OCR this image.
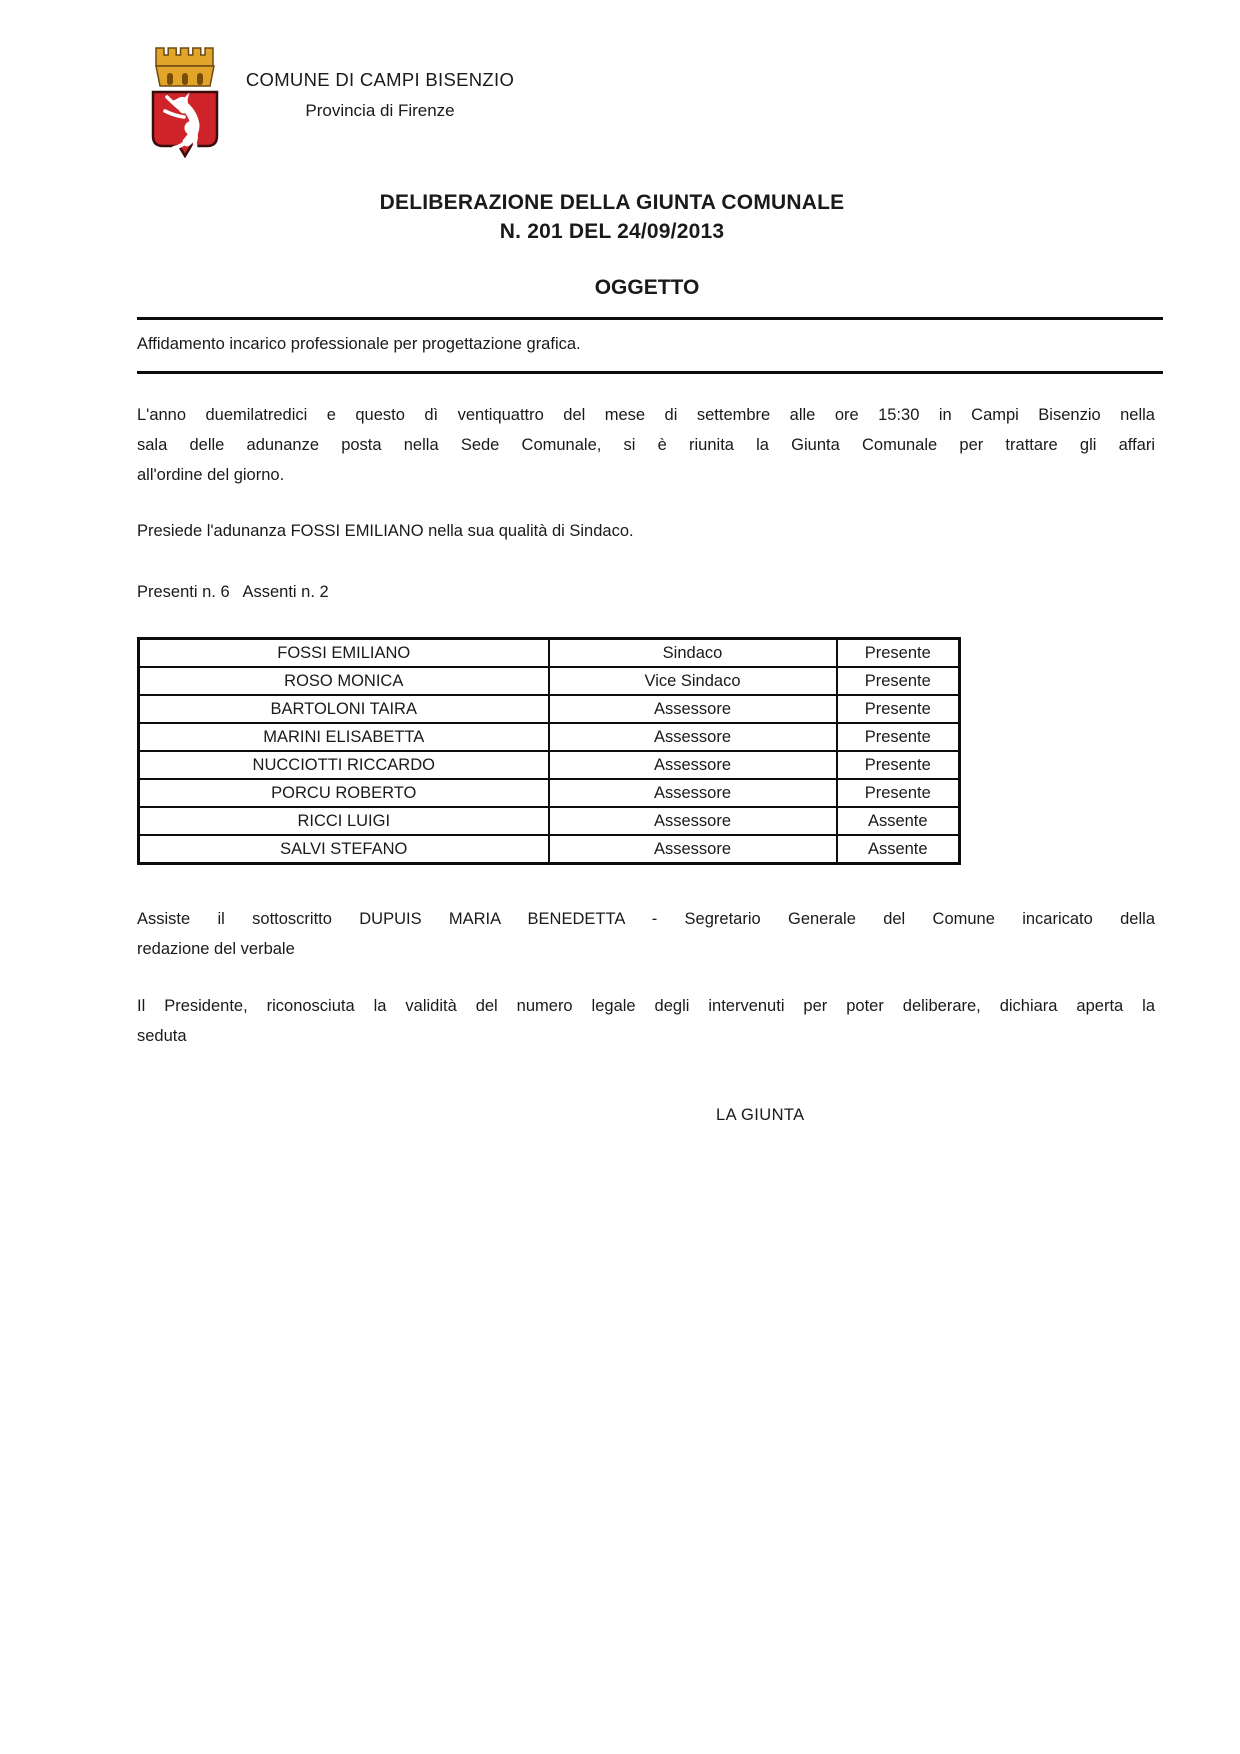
COMUNE DI CAMPI BISENZIO
Provincia di Firenze
DELIBERAZIONE DELLA GIUNTA COMUNALE
N. 201 DEL 24/09/2013
OGGETTO
Affidamento incarico professionale per progettazione grafica.
L'anno duemilatredici e questo dì ventiquattro del mese di settembre alle ore 15:30 in Campi Bisenzio nella
sala delle adunanze posta nella Sede Comunale, si è riunita la Giunta Comunale per trattare gli affari
all'ordine del giorno.
Presiede l'adunanza FOSSI EMILIANO nella sua qualità di Sindaco.
Presenti n. 6   Assenti n. 2
FOSSI EMILIANO	Sindaco	Presente
ROSO MONICA	Vice Sindaco	Presente
BARTOLONI TAIRA	Assessore	Presente
MARINI ELISABETTA	Assessore	Presente
NUCCIOTTI RICCARDO	Assessore	Presente
PORCU ROBERTO	Assessore	Presente
RICCI LUIGI	Assessore	Assente
SALVI STEFANO	Assessore	Assente
Assiste il sottoscritto DUPUIS MARIA BENEDETTA - Segretario Generale del Comune incaricato della
redazione del verbale
Il Presidente, riconosciuta la validità del numero legale degli intervenuti per poter deliberare, dichiara aperta la
seduta
LA GIUNTA
